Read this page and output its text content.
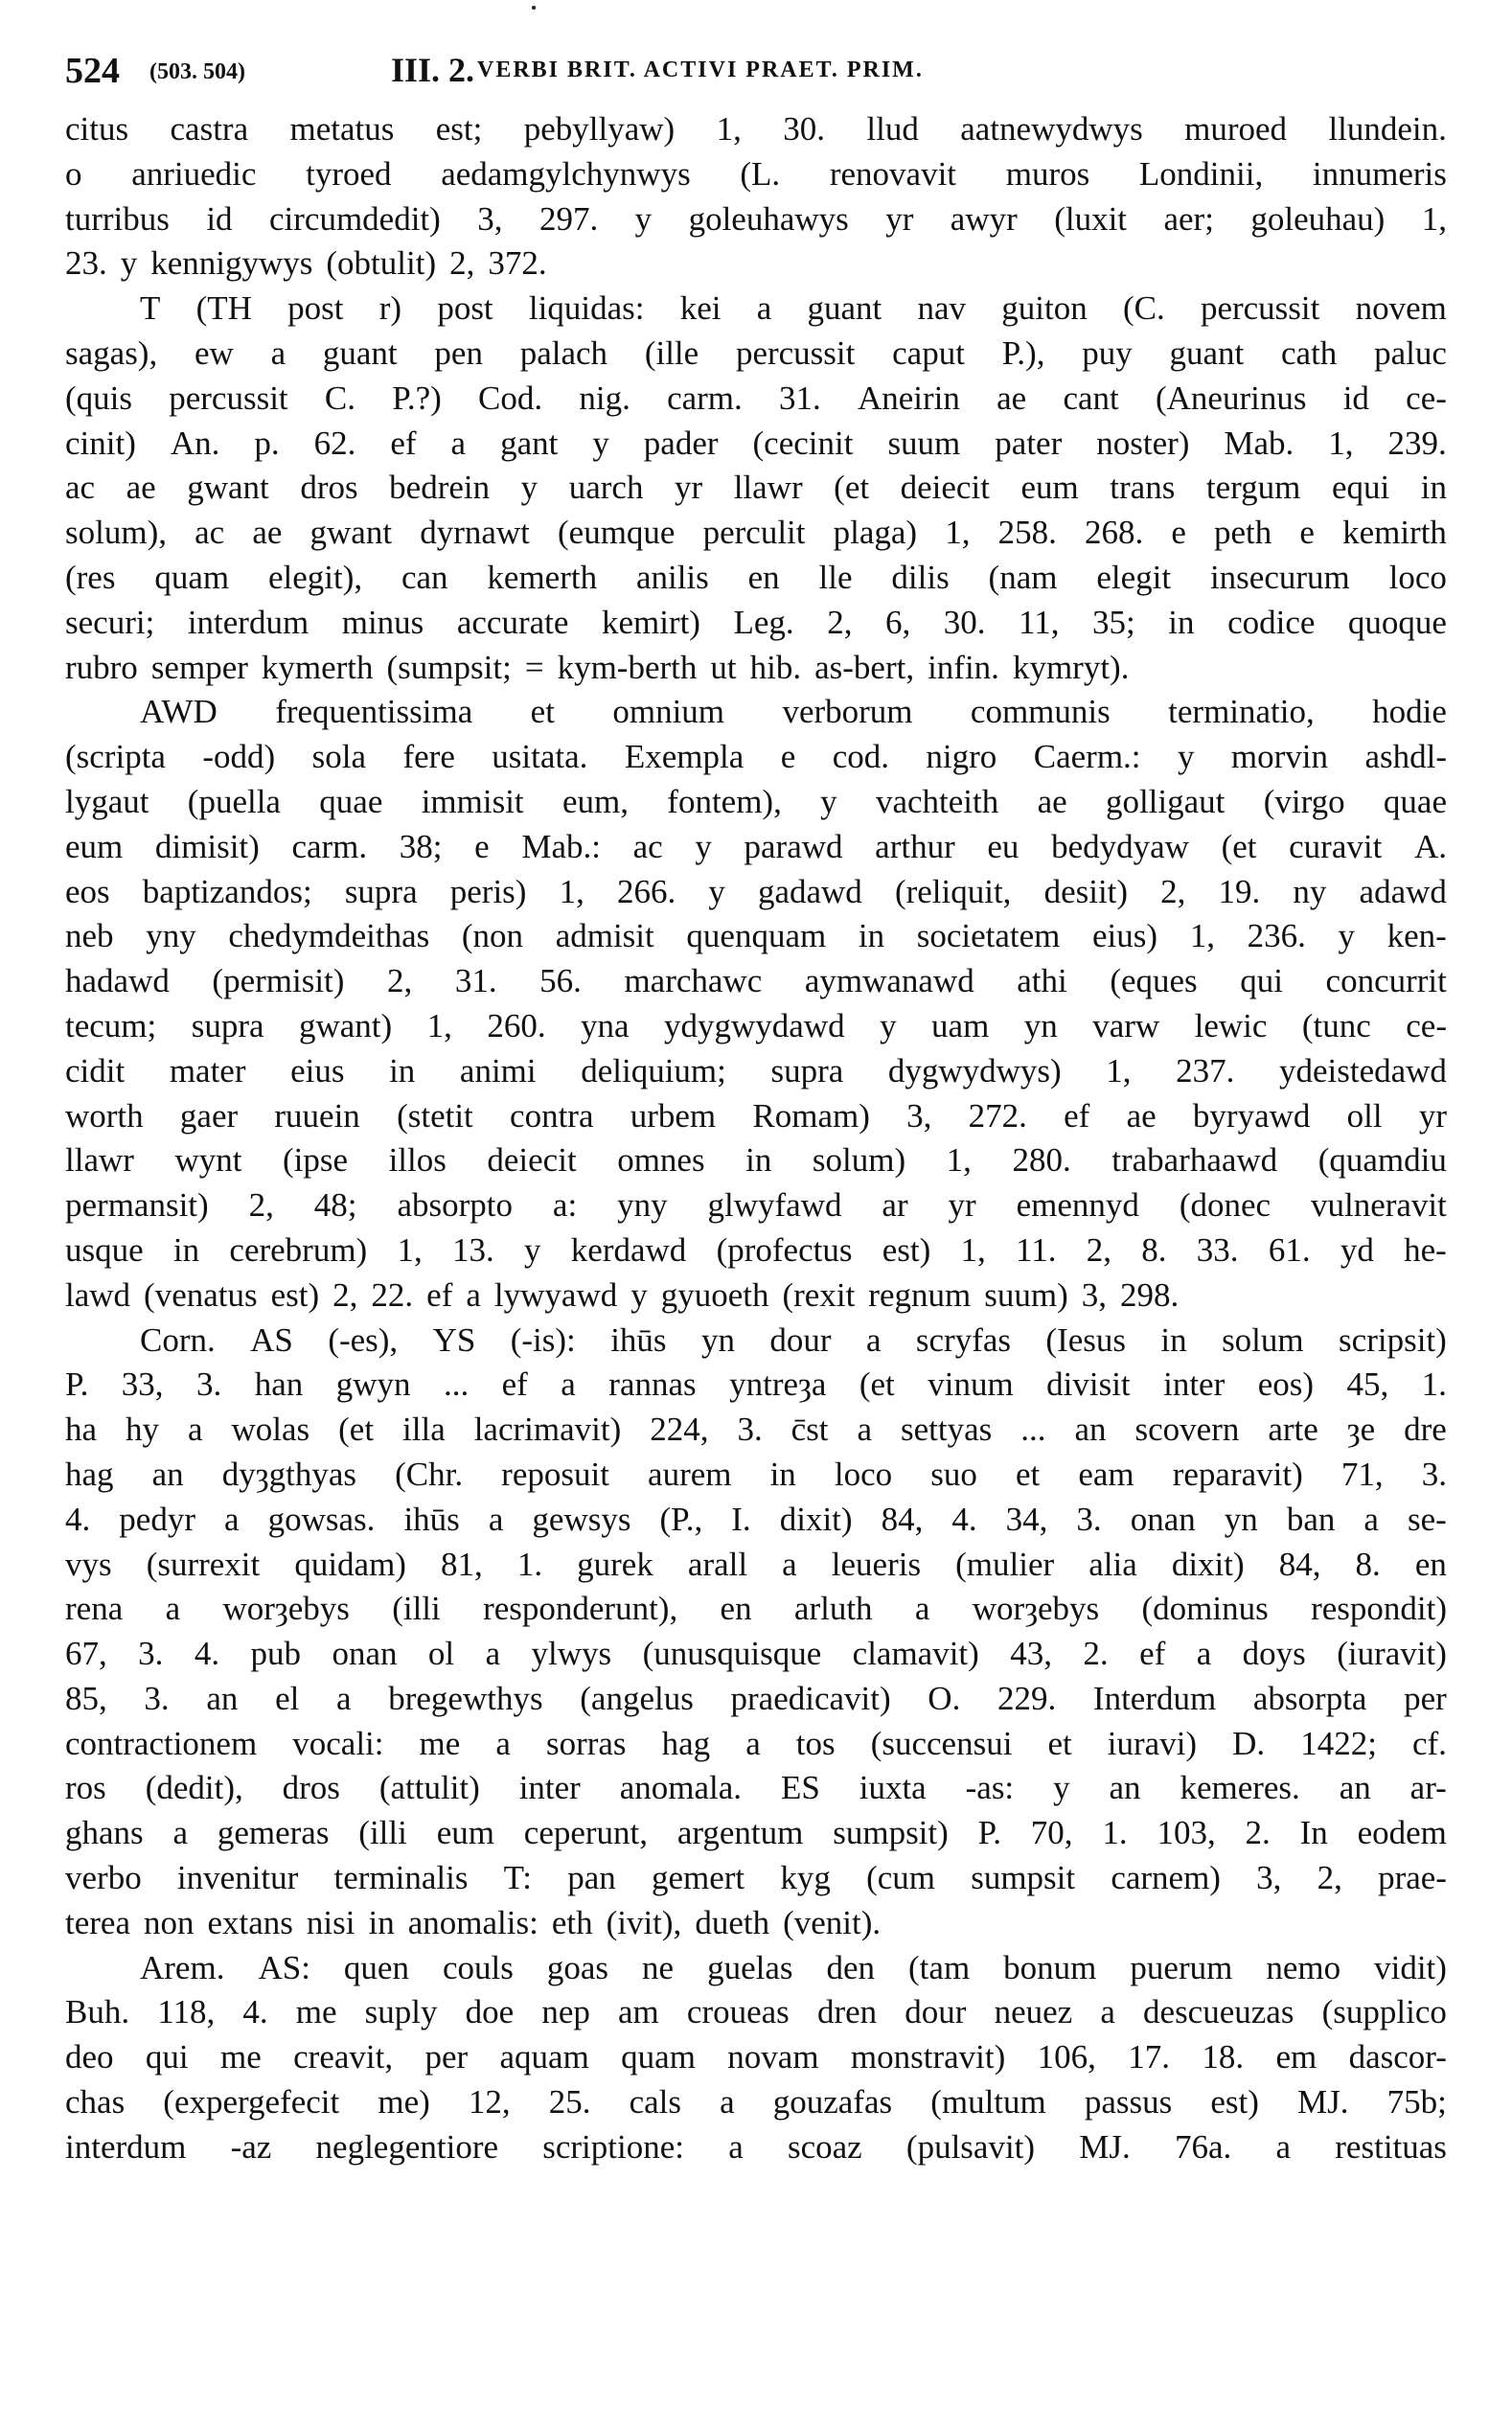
524 (503. 504)	III. 2. VERBI BRIT. ACTIVI PRAET. PRIM.
citus castra metatus est; pebyllyaw) 1, 30. llud aatnewydwys muroed llundein.
o anriuedic tyroed aedamgylchynwys (L. renovavit muros Londinii, innumeris
turribus id circumdedit) 3, 297. y goleuhawys yr awyr (luxit aer; goleuhau) 1,
23. y kennigywys (obtulit) 2, 372.
T (TH post r) post liquidas: kei a guant nav guiton (C. percussit novem
sagas), ew a guant pen palach (ille percussit caput P.), puy guant cath paluc
(quis percussit C. P.?) Cod. nig. carm. 31. Aneirin ae cant (Aneurinus id ce-
cinit) An. p. 62. ef a gant y pader (cecinit suum pater noster) Mab. 1, 239.
ac ae gwant dros bedrein y uarch yr llawr (et deiecit eum trans tergum equi in
solum), ac ae gwant dyrnawt (eumque perculit plaga) 1, 258. 268. e peth e kemirth
(res quam elegit), can kemerth anilis en lle dilis (nam elegit insecurum loco
securi; interdum minus accurate kemirt) Leg. 2, 6, 30. 11, 35; in codice quoque
rubro semper kymerth (sumpsit; = kym-berth ut hib. as-bert, infin. kymryt).
AWD frequentissima et omnium verborum communis terminatio, hodie
(scripta -odd) sola fere usitata. Exempla e cod. nigro Caerm.: y morvin ashdl-
lygaut (puella quae immisit eum, fontem), y vachteith ae golligaut (virgo quae
eum dimisit) carm. 38; e Mab.: ac y parawd arthur eu bedydyaw (et curavit A.
eos baptizandos; supra peris) 1, 266. y gadawd (reliquit, desiit) 2, 19. ny adawd
neb yny chedymdeithas (non admisit quenquam in societatem eius) 1, 236. y ken-
hadawd (permisit) 2, 31. 56. marchawc aymwanawd athi (eques qui concurrit
tecum; supra gwant) 1, 260. yna ydygwydawd y uam yn varw lewic (tunc ce-
cidit mater eius in animi deliquium; supra dygwydwys) 1, 237. ydeistedawd
worth gaer ruuein (stetit contra urbem Romam) 3, 272. ef ae byryawd oll yr
llawr wynt (ipse illos deiecit omnes in solum) 1, 280. trabarhaawd (quamdiu
permansit) 2, 48; absorpto a: yny glwyfawd ar yr emennyd (donec vulneravit
usque in cerebrum) 1, 13. y kerdawd (profectus est) 1, 11. 2, 8. 33. 61. yd he-
lawd (venatus est) 2, 22. ef a lywyawd y gyuoeth (rexit regnum suum) 3, 298.
Corn. AS (-es), YS (-is): ihūs yn dour a scryfas (Iesus in solum scripsit)
P. 33, 3. han gwyn ... ef a rannas yntreȝa (et vinum divisit inter eos) 45, 1.
ha hy a wolas (et illa lacrimavit) 224, 3. c̄st a settyas ... an scovern arte ȝe dre
hag an dyȝgthyas (Chr. reposuit aurem in loco suo et eam reparavit) 71, 3.
4. pedyr a gowsas. ihūs a gewsys (P., I. dixit) 84, 4. 34, 3. onan yn ban a se-
vys (surrexit quidam) 81, 1. gurek arall a leueris (mulier alia dixit) 84, 8. en
rena a worȝebys (illi responderunt), en arluth a worȝebys (dominus respondit)
67, 3. 4. pub onan ol a ylwys (unusquisque clamavit) 43, 2. ef a doys (iuravit)
85, 3. an el a bregewthys (angelus praedicavit) O. 229. Interdum absorpta per
contractionem vocali: me a sorras hag a tos (succensui et iuravi) D. 1422; cf.
ros (dedit), dros (attulit) inter anomala. ES iuxta -as: y an kemeres. an ar-
ghans a gemeras (illi eum ceperunt, argentum sumpsit) P. 70, 1. 103, 2. In eodem
verbo invenitur terminalis T: pan gemert kyg (cum sumpsit carnem) 3, 2, prae-
terea non extans nisi in anomalis: eth (ivit), dueth (venit).
Arem. AS: quen couls goas ne guelas den (tam bonum puerum nemo vidit)
Buh. 118, 4. me suply doe nep am croueas dren dour neuez a descueuzas (supplico
deo qui me creavit, per aquam quam novam monstravit) 106, 17. 18. em dascor-
chas (expergefecit me) 12, 25. cals a gouzafas (multum passus est) MJ. 75b;
interdum -az neglegentiore scriptione: a scoaz (pulsavit) MJ. 76a. a restituas
